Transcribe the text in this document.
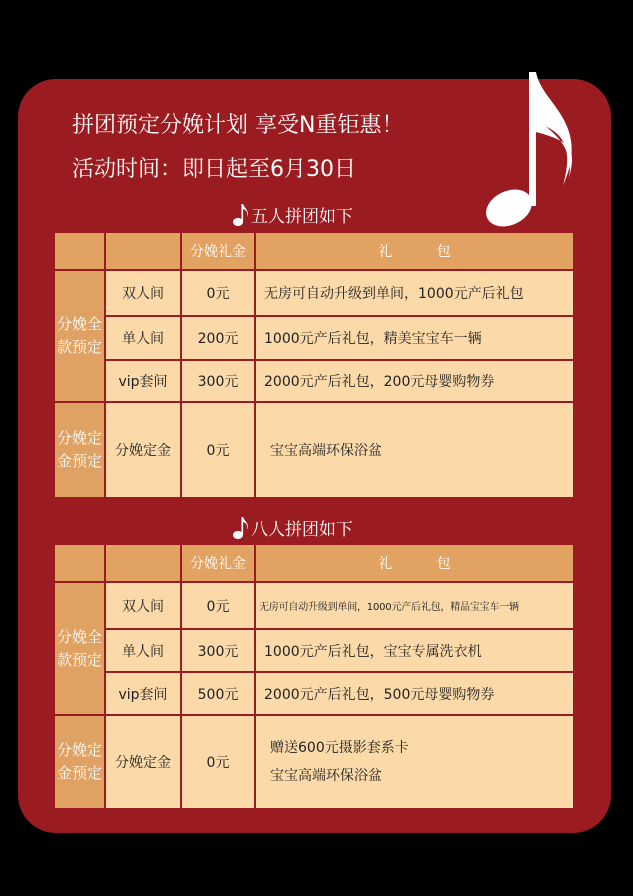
拼团预定分娩计划 享受N重钜惠！
活动时间：即日起至6月30日
五人拼团如下
		分娩礼金	礼          包
分娩全款预定	双人间	0元	无房可自动升级到单间，1000元产后礼包
	单人间	200元	1000元产后礼包，精美宝宝车一辆
	vip套间	300元	2000元产后礼包，200元母婴购物券
分娩定金预定	分娩定金	0元	宝宝高端环保浴盆
八人拼团如下
		分娩礼金	礼          包
分娩全款预定	双人间	0元	无房可自动升级到单间，1000元产后礼包，精品宝宝车一辆
	单人间	300元	1000元产后礼包，宝宝专属洗衣机
	vip套间	500元	2000元产后礼包，500元母婴购物券
分娩定金预定	分娩定金	0元	赠送600元摄影套系卡
宝宝高端环保浴盆
